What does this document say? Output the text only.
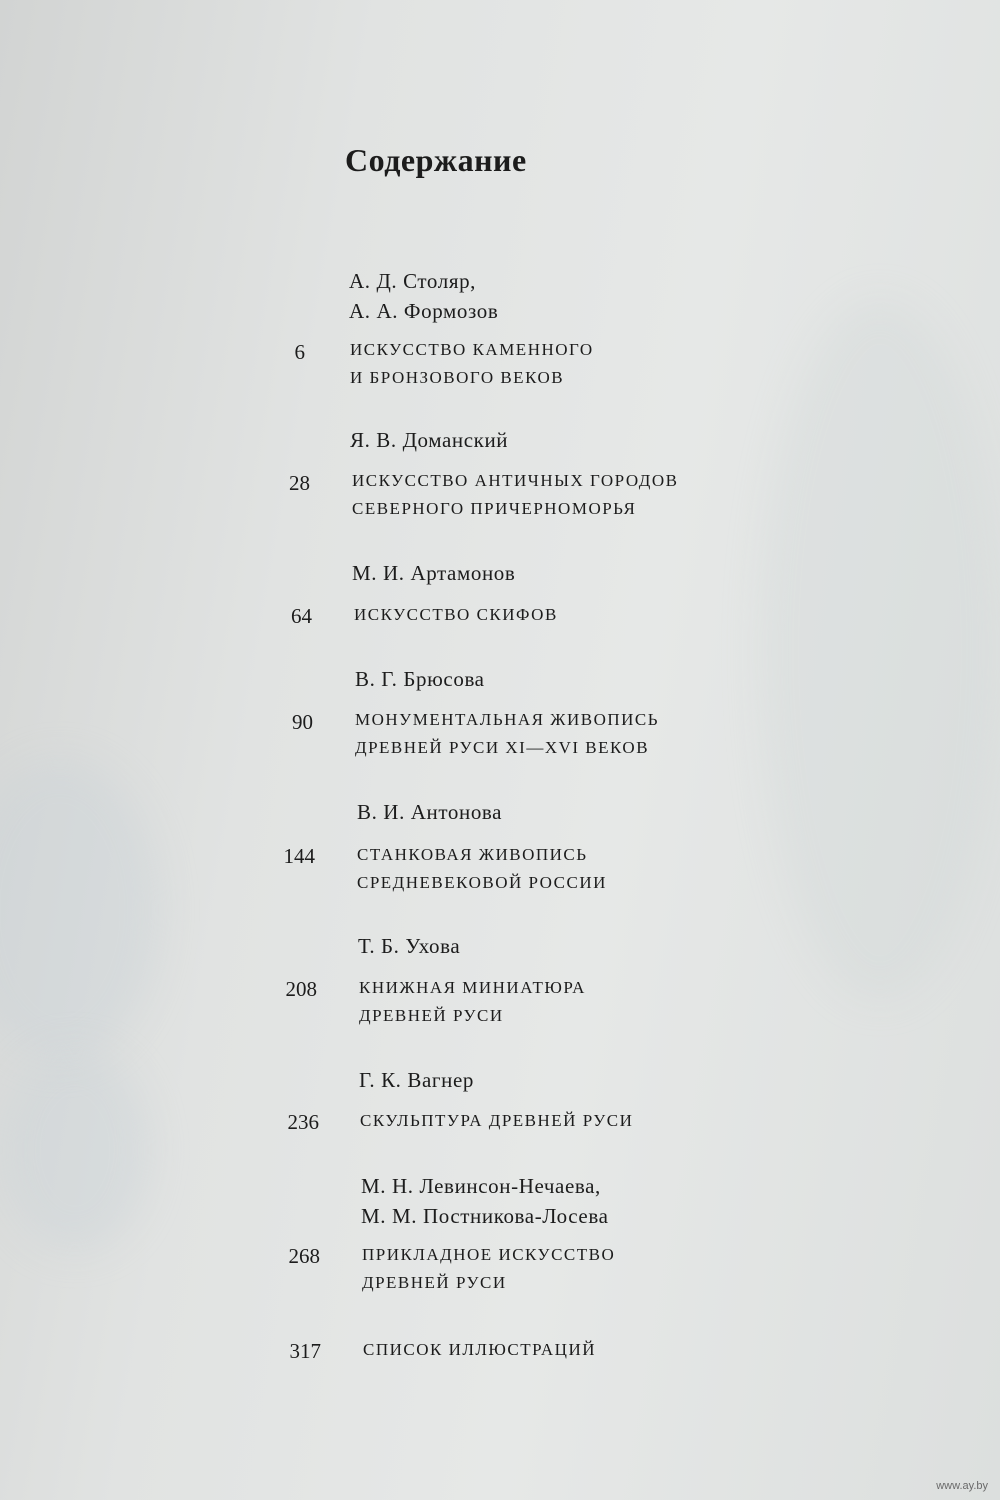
Содержание
А. Д. Столяр,
А. А. Формозов
6	ИСКУССТВО КАМЕННОГО
И БРОНЗОВОГО ВЕКОВ
Я. В. Доманский
28 ИСКУССТВО АНТИЧНЫХ ГОРОДОВ
СЕВЕРНОГО ПРИЧЕРНОМОРЬЯ
М. И. Артамонов
64 ИСКУССТВО СКИФОВ
В. Г. Брюсова
90 МОНУМЕНТАЛЬНАЯ ЖИВОПИСЬ
ДРЕВНЕЙ РУСИ XI—XVI ВЕКОВ
В. И. Антонова
144 СТАНКОВАЯ ЖИВОПИСЬ
СРЕДНЕВЕКОВОЙ РОССИИ
Т. Б. Ухова
208 КНИЖНАЯ МИНИАТЮРА
ДРЕВНЕЙ РУСИ
Г. К. Вагнер
236 СКУЛЬПТУРА ДРЕВНЕЙ РУСИ
М. Н. Левинсон-Нечаева,
М. М. Постникова-Лосева
268 ПРИКЛАДНОЕ ИСКУССТВО
ДРЕВНЕЙ РУСИ
317 СПИСОК ИЛЛЮСТРАЦИЙ
www.ay.by
